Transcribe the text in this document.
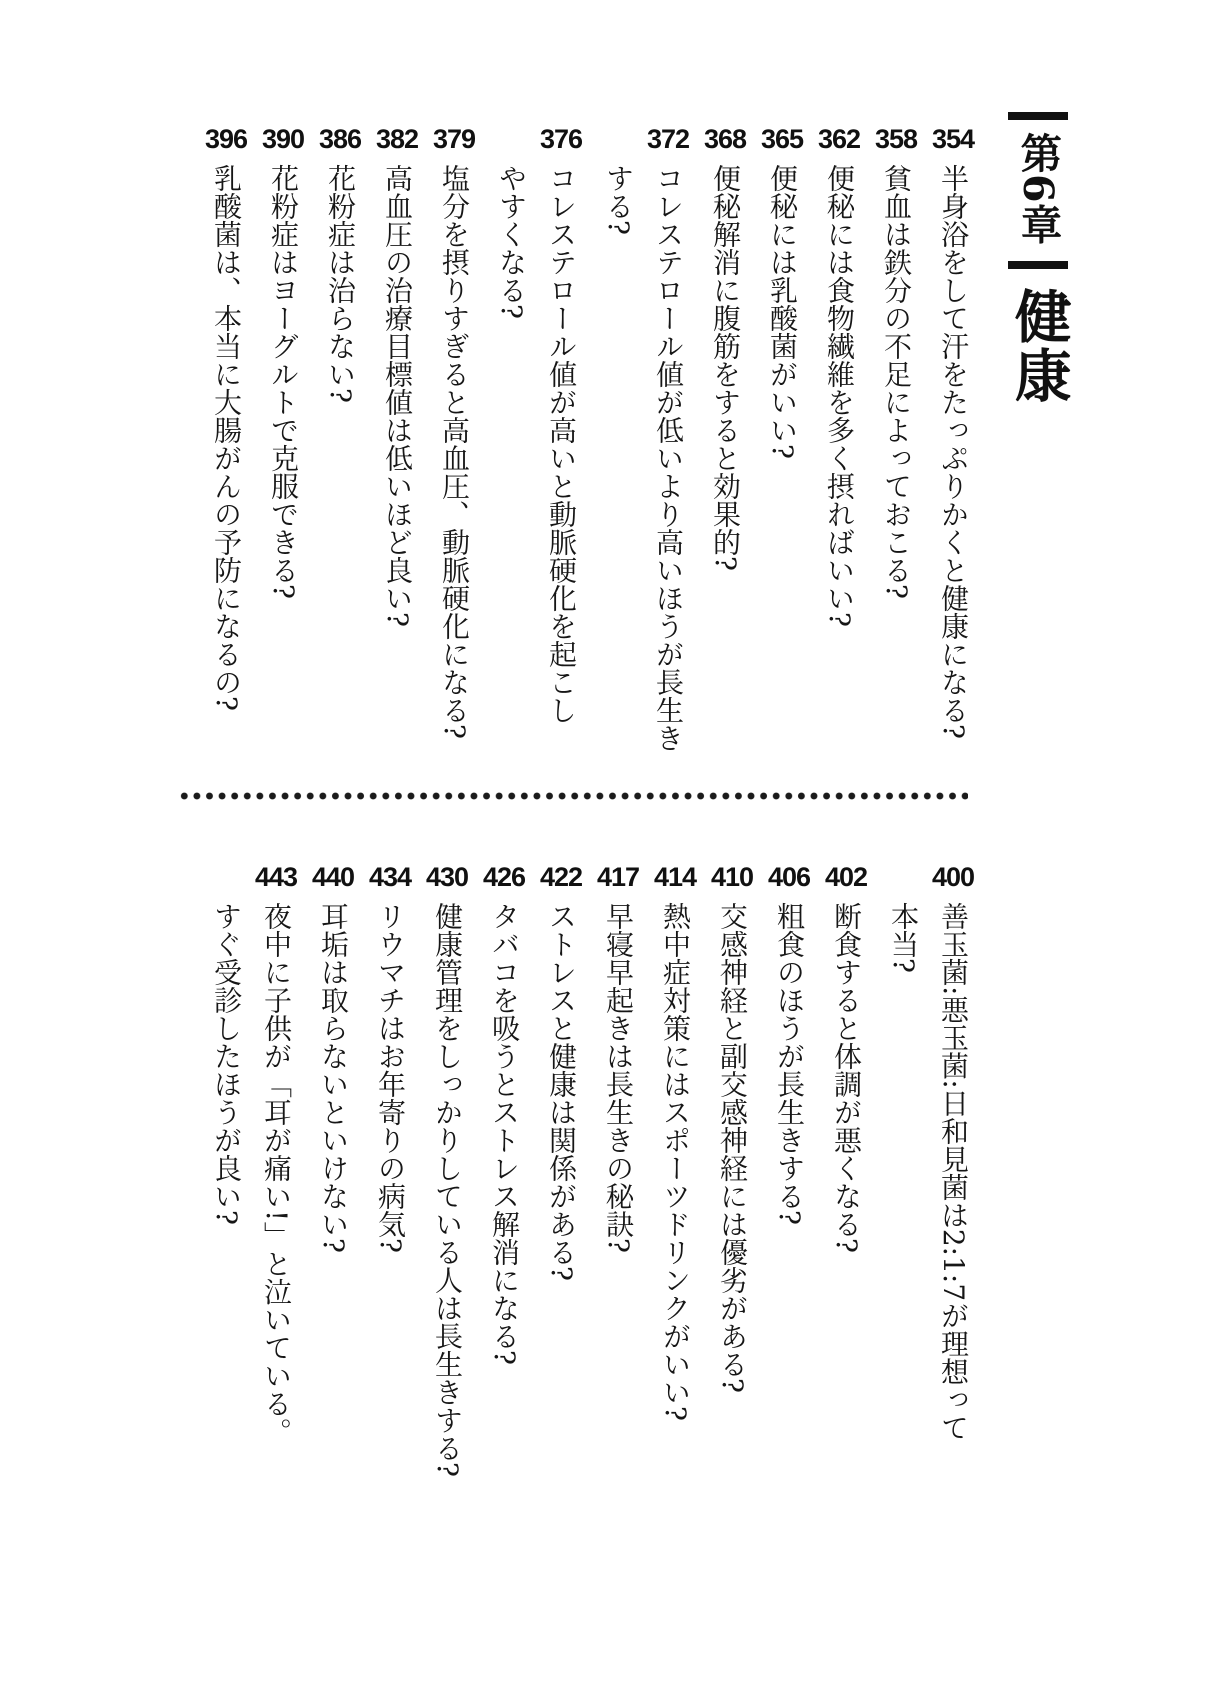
第6章
健康
354
半身浴をして汗をたっぷりかくと健康になる?
358
貧血は鉄分の不足によっておこる?
362
便秘には食物繊維を多く摂ればいい?
365
便秘には乳酸菌がいい?
368
便秘解消に腹筋をすると効果的?
372
コレステロール値が低いより高いほうが長生き
する?
376
コレステロール値が高いと動脈硬化を起こし
やすくなる?
379
塩分を摂りすぎると高血圧、動脈硬化になる?
382
高血圧の治療目標値は低いほど良い?
386
花粉症は治らない?
390
花粉症はヨーグルトで克服できる?
396
乳酸菌は、本当に大腸がんの予防になるの?
400
善玉菌:悪玉菌:日和見菌は2:1:7が理想って
本当?
402
断食すると体調が悪くなる?
406
粗食のほうが長生きする?
410
交感神経と副交感神経には優劣がある?
414
熱中症対策にはスポーツドリンクがいい?
417
早寝早起きは長生きの秘訣?
422
ストレスと健康は関係がある?
426
タバコを吸うとストレス解消になる?
430
健康管理をしっかりしている人は長生きする?
434
リウマチはお年寄りの病気?
440
耳垢は取らないといけない?
443
夜中に子供が「耳が痛い!」と泣いている。
すぐ受診したほうが良い?
